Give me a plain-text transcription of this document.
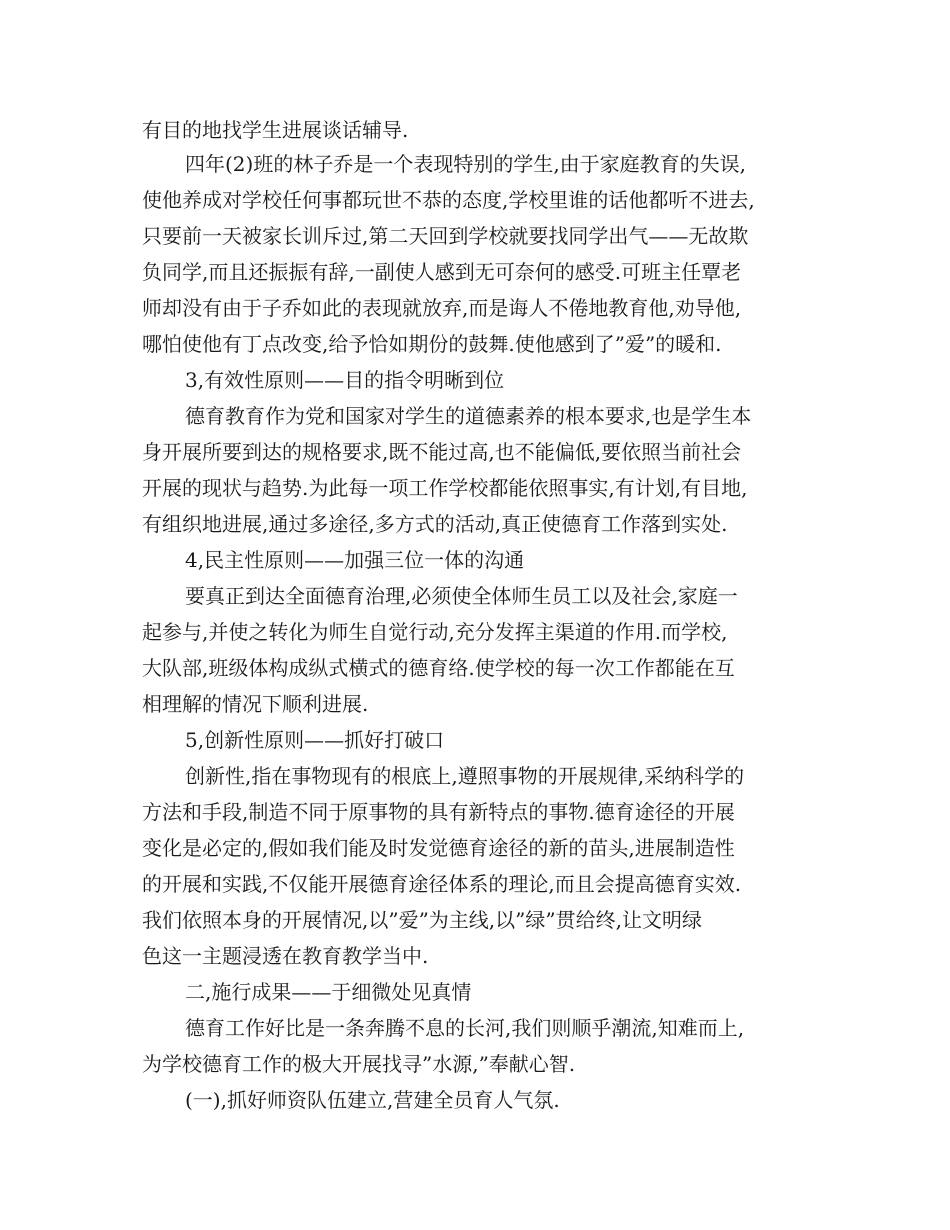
有目的地找学生进展谈话辅导.
四年(2)班的林子乔是一个表现特别的学生,由于家庭教育的失误,
使他养成对学校任何事都玩世不恭的态度,学校里谁的话他都听不进去,
只要前一天被家长训斥过,第二天回到学校就要找同学出气——无故欺
负同学,而且还振振有辞,一副使人感到无可奈何的感受.可班主任覃老
师却没有由于子乔如此的表现就放弃,而是诲人不倦地教育他,劝导他,
哪怕使他有丁点改变,给予恰如期份的鼓舞.使他感到了”爱”的暖和.
3,有效性原则——目的指令明晰到位
德育教育作为党和国家对学生的道德素养的根本要求,也是学生本
身开展所要到达的规格要求,既不能过高,也不能偏低,要依照当前社会
开展的现状与趋势.为此每一项工作学校都能依照事实,有计划,有目地,
有组织地进展,通过多途径,多方式的活动,真正使德育工作落到实处.
4,民主性原则——加强三位一体的沟通
要真正到达全面德育治理,必须使全体师生员工以及社会,家庭一
起参与,并使之转化为师生自觉行动,充分发挥主渠道的作用.而学校,
大队部,班级体构成纵式横式的德育络.使学校的每一次工作都能在互
相理解的情况下顺利进展.
5,创新性原则——抓好打破口
创新性,指在事物现有的根底上,遵照事物的开展规律,采纳科学的
方法和手段,制造不同于原事物的具有新特点的事物.德育途径的开展
变化是必定的,假如我们能及时发觉德育途径的新的苗头,进展制造性
的开展和实践,不仅能开展德育途径体系的理论,而且会提高德育实效.
我们依照本身的开展情况,以”爱”为主线,以”绿”贯给终,让文明绿
色这一主题浸透在教育教学当中.
二,施行成果——于细微处见真情
德育工作好比是一条奔腾不息的长河,我们则顺乎潮流,知难而上,
为学校德育工作的极大开展找寻”水源,”奉献心智.
(一),抓好师资队伍建立,营建全员育人气氛.
